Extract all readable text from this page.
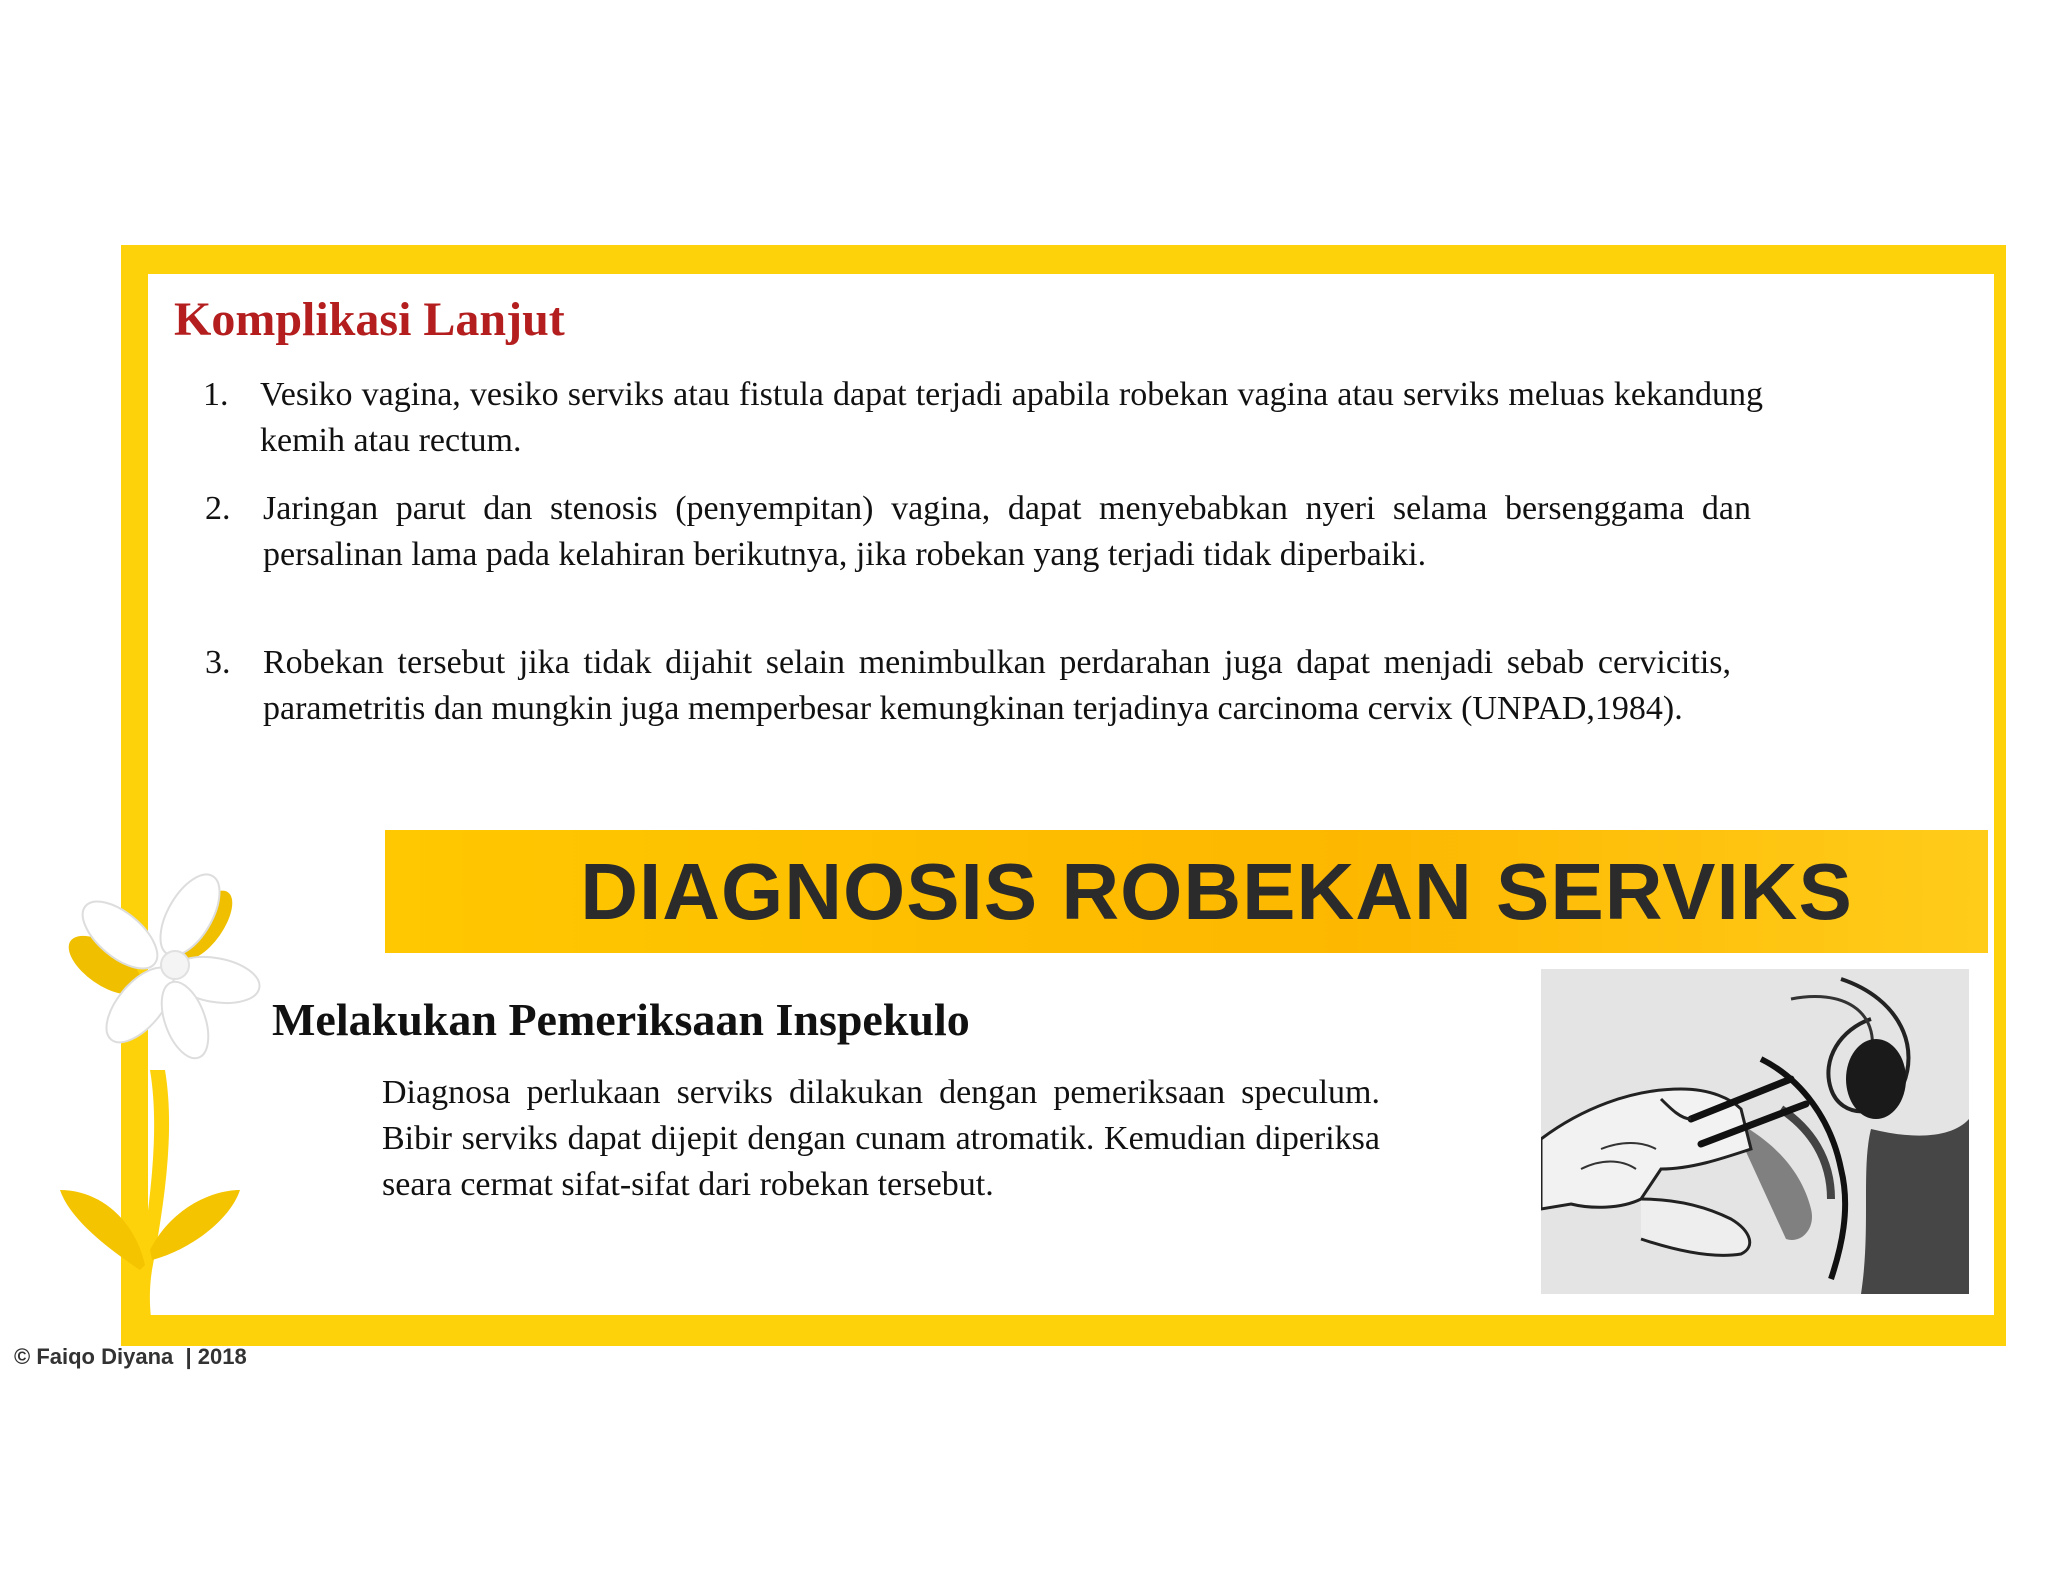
Komplikasi Lanjut
1. Vesiko vagina, vesiko serviks atau fistula dapat terjadi apabila robekan vagina atau serviks meluas kekandung kemih atau rectum.
2. Jaringan parut dan stenosis (penyempitan) vagina, dapat menyebabkan nyeri selama bersenggama dan persalinan lama pada kelahiran berikutnya, jika robekan yang terjadi tidak diperbaiki.
3. Robekan tersebut jika tidak dijahit selain menimbulkan perdarahan juga dapat menjadi sebab cervicitis, parametritis dan mungkin juga memperbesar kemungkinan terjadinya carcinoma cervix (UNPAD,1984).
DIAGNOSIS ROBEKAN SERVIKS
Melakukan Pemeriksaan Inspekulo
Diagnosa perlukaan serviks dilakukan dengan pemeriksaan speculum. Bibir serviks dapat dijepit dengan cunam atromatik. Kemudian diperiksa seara cermat sifat-sifat dari robekan tersebut.
© Faiqo Diyana  | 2018
